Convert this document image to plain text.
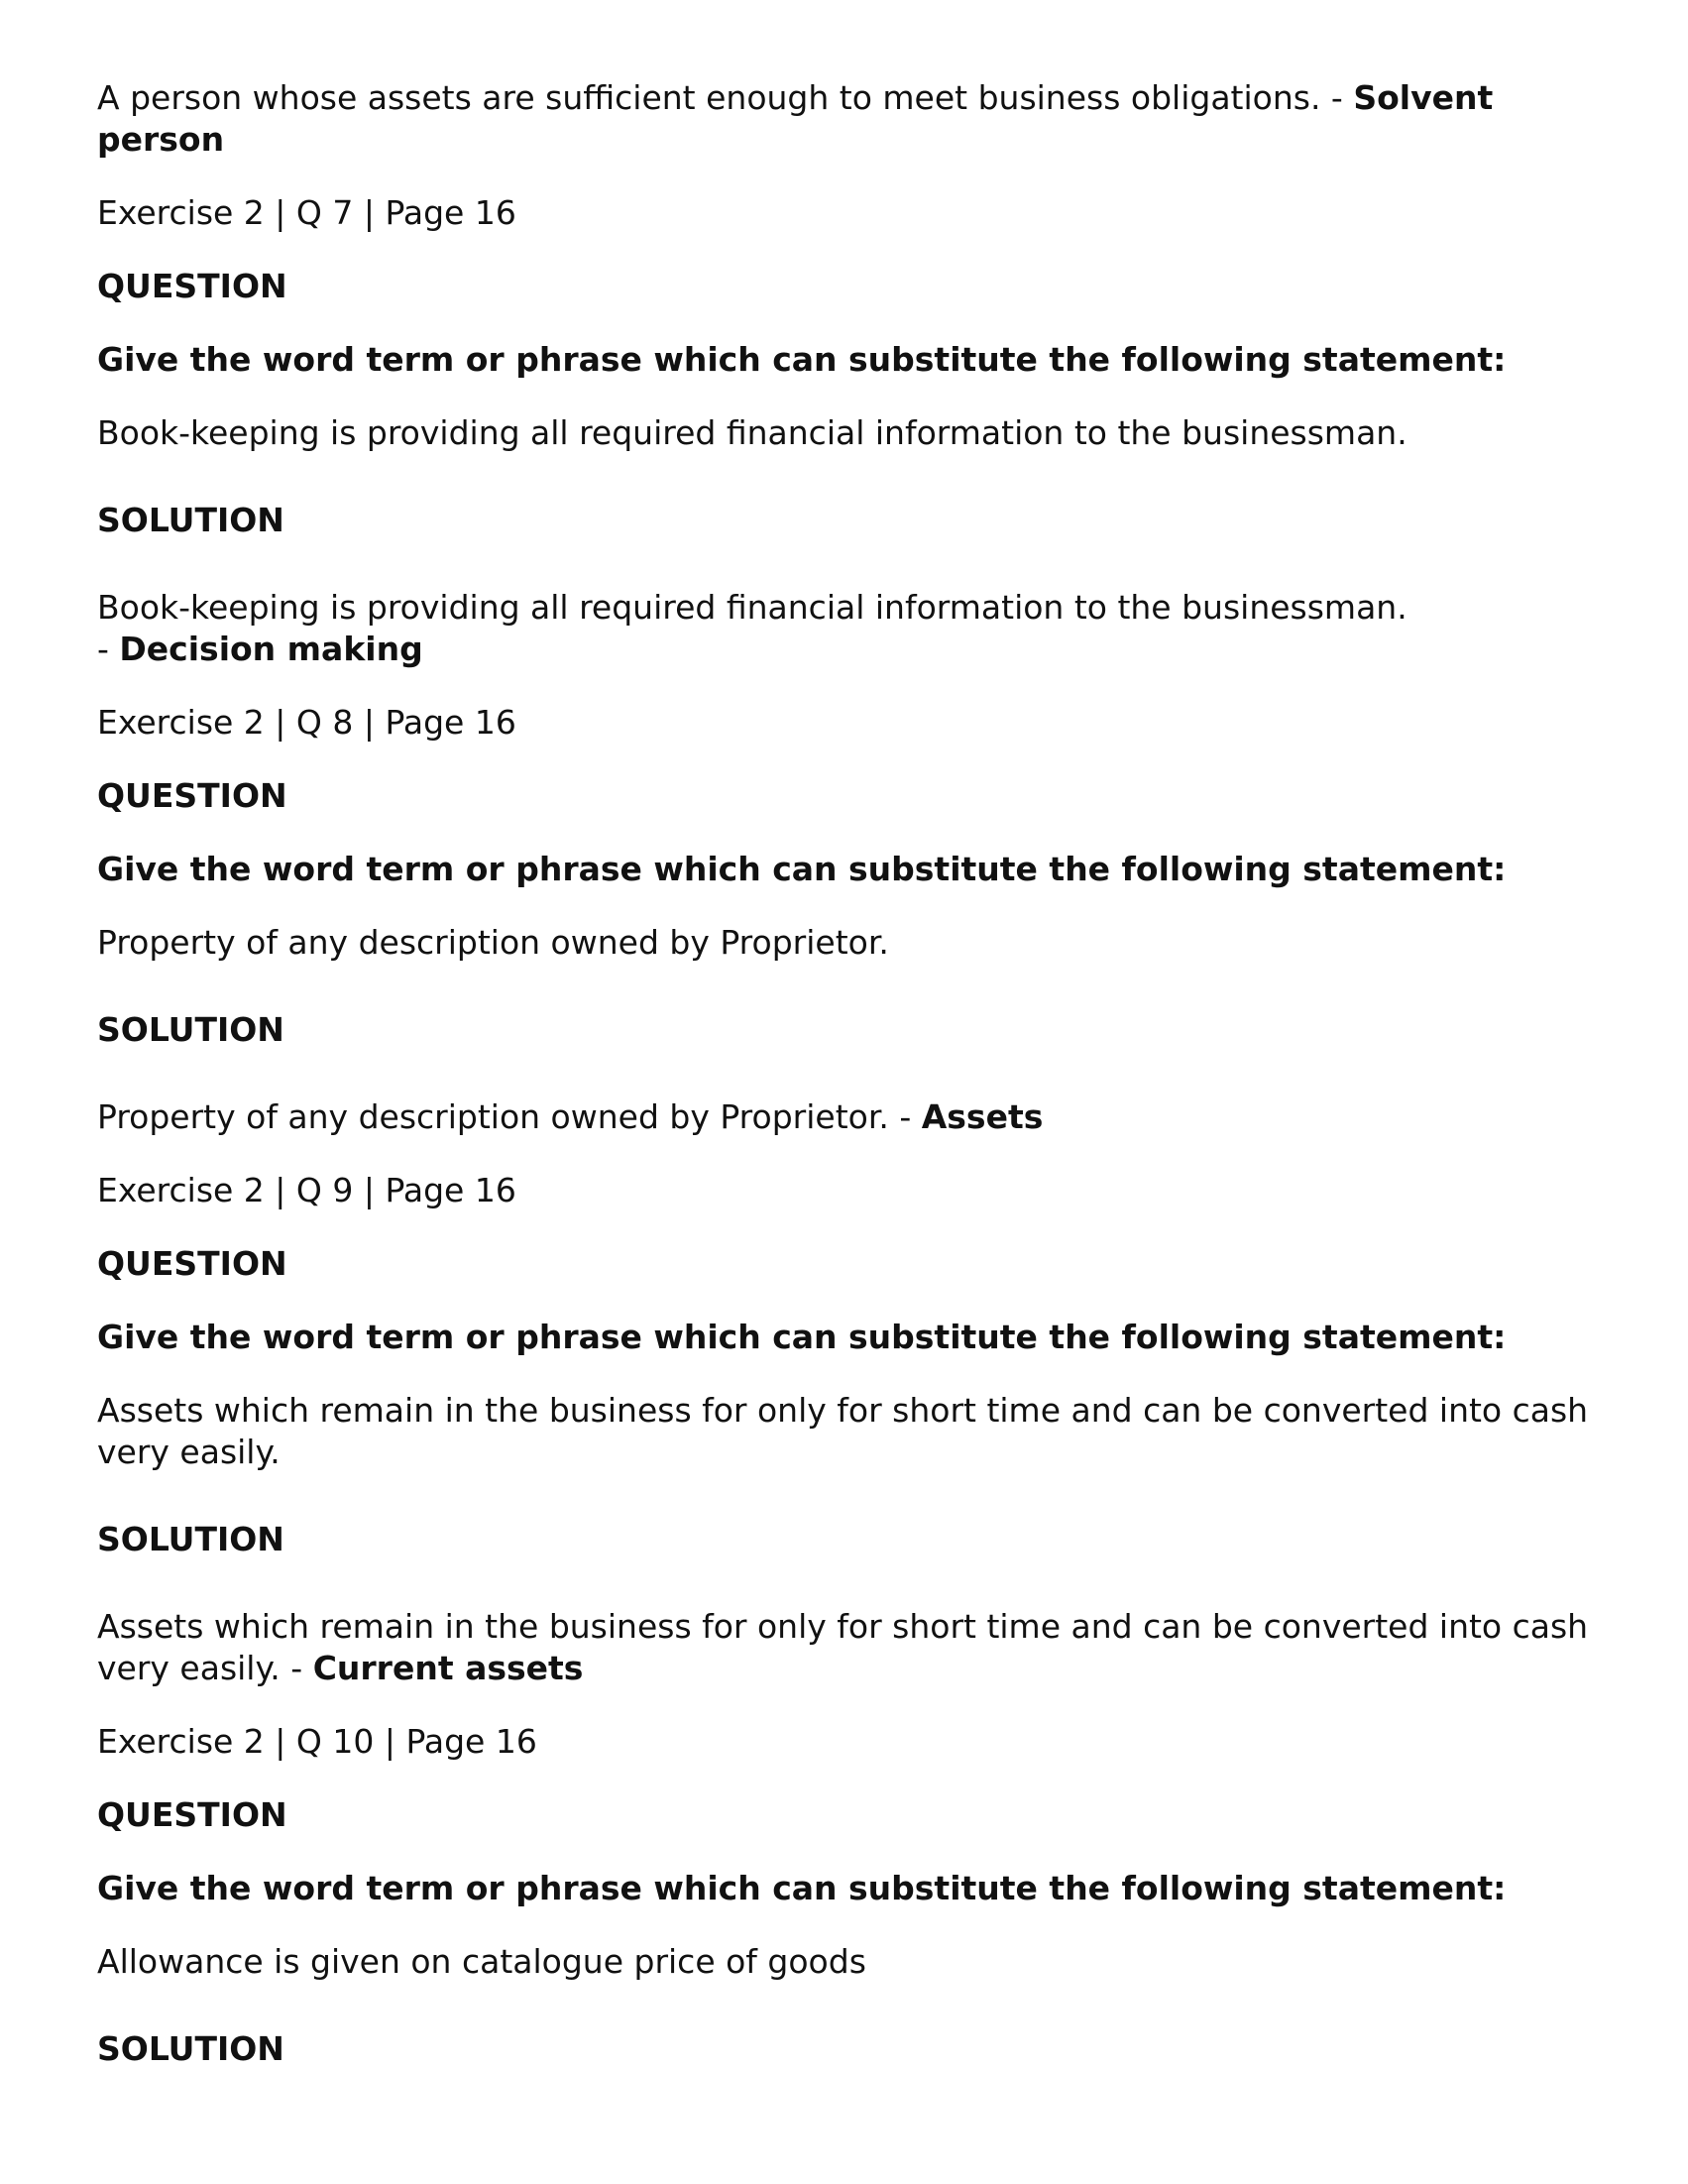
A person whose assets are sufficient enough to meet business obligations. - Solvent

person

Exercise 2 | Q 7 | Page 16

QUESTION

Give the word term or phrase which can substitute the following statement:

Book-keeping is providing all required financial information to the businessman.

SOLUTION

Book-keeping is providing all required financial information to the businessman.

- Decision making

Exercise 2 | Q 8 | Page 16

QUESTION

Give the word term or phrase which can substitute the following statement:

Property of any description owned by Proprietor.

SOLUTION

Property of any description owned by Proprietor. - Assets

Exercise 2 | Q 9 | Page 16

QUESTION

Give the word term or phrase which can substitute the following statement:

Assets which remain in the business for only for short time and can be converted into cash

very easily.

SOLUTION

Assets which remain in the business for only for short time and can be converted into cash

very easily. - Current assets

Exercise 2 | Q 10 | Page 16

QUESTION

Give the word term or phrase which can substitute the following statement:

Allowance is given on catalogue price of goods

SOLUTION
